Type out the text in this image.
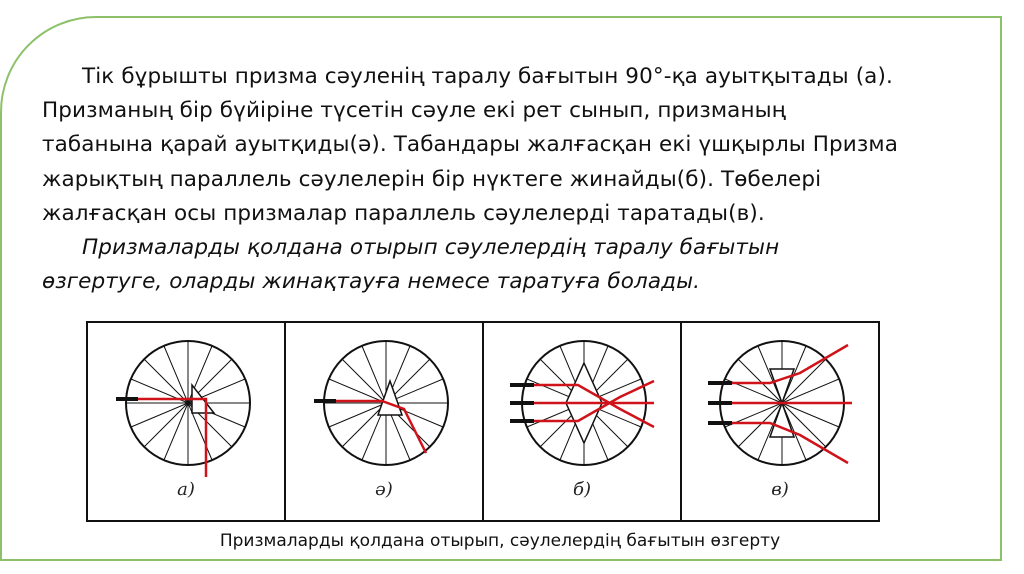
Тік бұрышты призма сәуленің таралу бағытын 90°-қа ауытқытады (а).
Призманың бір бүйіріне түсетін сәуле екі рет сынып, призманың
табанына қарай ауытқиды(ә). Табандары жалғасқан екі үшқырлы Призма
жарықтың параллель сәулелерін бір нүктеге жинайды(б). Төбелері
жалғасқан осы призмалар параллель сәулелерді таратады(в).

Призмаларды қолдана отырып сәулелердің таралу бағытын
өзгертуге, оларды жинақтауға немесе таратуға болады.

а)	ә)	б)	в)
Призмаларды қолдана отырып, сәулелердің бағытын өзгерту
